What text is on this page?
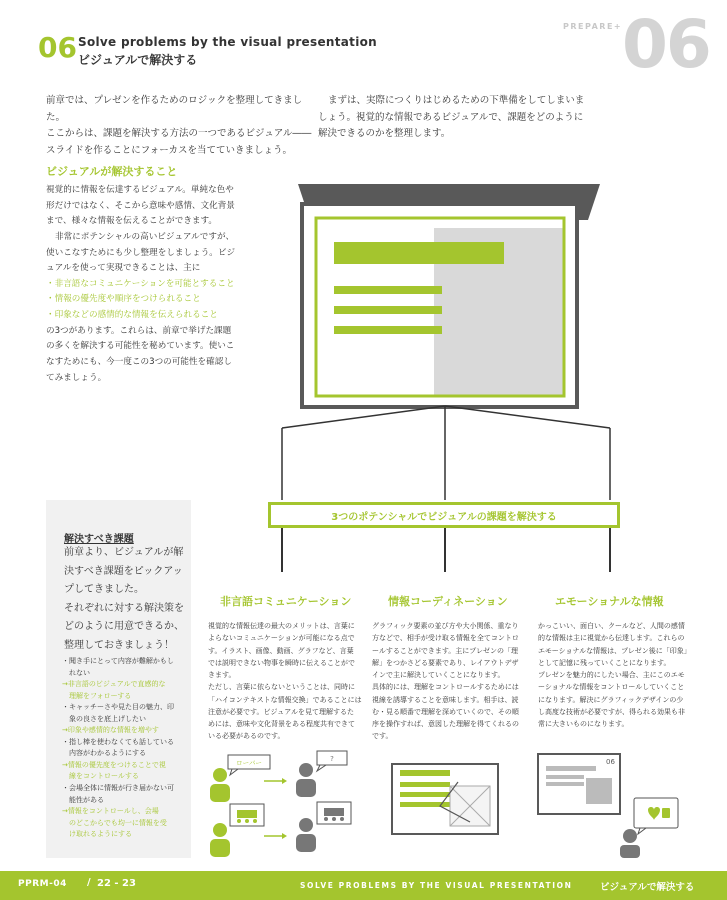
06 Solve problems by the visual presentation
ビジュアルで解決する
PREPARE+ 06

前章では、プレゼンを作るためのロジックを整理してきました。

ここからは、課題を解決する方法の一つであるビジュアル――

スライドを作ることにフォーカスを当てていきましょう。

まずは、実際につくりはじめるための下準備をしてしまいま

しょう。視覚的な情報であるビジュアルで、課題をどのように

解決できるのかを整理します。

ビジュアルが解決すること
視覚的に情報を伝達するビジュアル。単純な色や
形だけではなく、そこから意味や感情、文化背景
まで、様々な情報を伝えることができます。
非常にポテンシャルの高いビジュアルですが、
使いこなすためにも少し整理をしましょう。ビジ
ュアルを使って実現できることは、主に
・非言語なコミュニケーションを可能とすること
・情報の優先度や順序をつけられること
・印象などの感情的な情報を伝えられること
の3つがあります。これらは、前章で挙げた課題
の多くを解決する可能性を秘めています。使いこ
なすためにも、今一度この3つの可能性を確認し
てみましょう。
3つのポテンシャルでビジュアルの課題を解決する
解決すべき課題
前章より、ビジュアルが解
決すべき課題をピックアッ
プしてきました。
それぞれに対する解決策を
どのように用意できるか、
整理しておきましょう！
・聞き手にとって内容が難解かもし
　れない
→非言語のビジュアルで直感的な
　理解をフォローする
・キャッチーさや見た目の魅力、印
　象の良さを底上げしたい
→印象や感情的な情報を増やす
・指し棒を使わなくても話している
　内容がわかるようにする
→情報の優先度をつけることで視
　線をコントロールする
・会場全体に情報が行き届かない可
　能性がある
→情報をコントロールし、会場
　のどこからでも均一に情報を受
　け取れるようにする
非言語コミュニケーション
視覚的な情報伝達の最大のメリットは、言葉に
よらないコミュニケーションが可能になる点で
す。イラスト、画像、動画、グラフなど、言葉
では説明できない物事を瞬時に伝えることがで
きます。
ただし、言葉に依らないということは、同時に
「ハイコンテキストな情報交換」であることには
注意が必要です。ビジュアルを見て理解するた
めには、意味や文化背景をある程度共有できて
いる必要があるのです。
情報コーディネーション
グラフィック要素の並び方や大小関係、重なり
方などで、相手が受け取る情報を全てコントロ
ールすることができます。主にプレゼンの「理
解」をつかさどる要素であり、レイアウトデザ
インで主に解決していくことになります。
具体的には、理解をコントロールするためには
視線を誘導することを意味します。相手は、読
む・見る順番で理解を深めていくので、その順
序を操作すれば、意図した理解を得てくれるの
です。
エモーショナルな情報
かっこいい、面白い、クールなど、人間の感情
的な情報は主に視覚から伝達します。これらの
エモーショナルな情報は、プレゼン後に「印象」
として記憶に残っていくことになります。
プレゼンを魅力的にしたい場合、主にこのエモ
ーショナルな情報をコントロールしていくこと
になります。解決にグラフィックデザインの少
し高度な技術が必要ですが、得られる効果も非
常に大きいものになります。
ローバー	?	06
PPRM-04 / 22 - 23	SOLVE PROBLEMS BY THE VISUAL PRESENTATION	ビジュアルで解決する
